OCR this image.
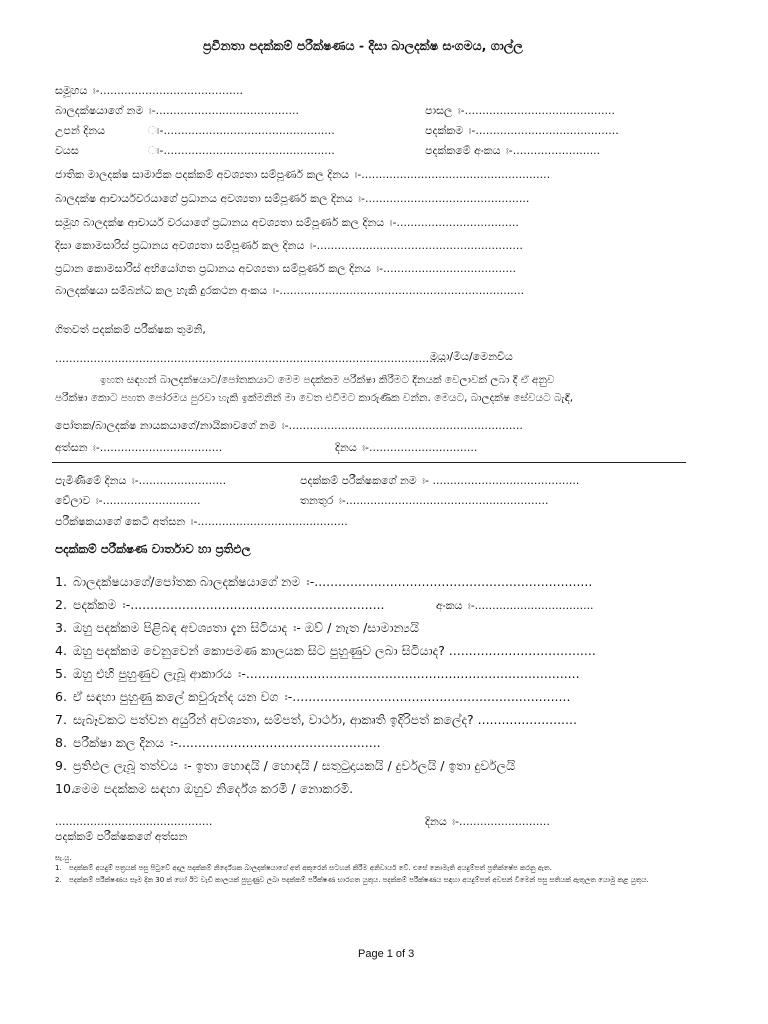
ප්‍රවීනතා පදක්කම් පරීක්ෂණය - දිසා බාලදක්ෂ සංගමය, ගාල්ල
සමූහය ඃ-.........................................
බාලදක්ෂයාගේ නම ඃ-.........................................	පාසල ඃ-...........................................
උපන් දිනය	ඃ-.................................................	පදක්කම ඃ-.........................................
වයස	ඃ-.................................................	පදක්කමේ අංකය ඃ-.........................
ජාතික මාලදක්ෂ සාමාජික පදක්කම් අවශ්‍යතා සම්පූර්ණ කල දිනය ඃ-......................................................
බාලදක්ෂ ආචාර්යවරයාගේ ප්‍රධානය අවශ්‍යතා සම්පූර්ණ කල දිනය ඃ-...............................................
සමූහ බාලදක්ෂ ආචාර්ය වරයාගේ ප්‍රධානය අවශ්‍යතා සම්පූර්ණ කල දිනය ඃ-...................................
දිසා කොමසාරිස් ප්‍රධානය අවශ්‍යතා සම්පූර්ණ කල දිනය ඃ-...........................................................
ප්‍රධාන කොමසාරිස් අභියෝගත ප්‍රධානය අවශ්‍යතා සම්පූර්ණ කල දිනය ඃ-......................................
බාලදක්ෂයා සම්බන්ධ කල හැකි දුරකථන අංකය ඃ-......................................................................
ගිතවත් පදක්කම් පරීක්ෂක තුමනි,
................................................................................................................
මයා/මිය/මෙනවිය
ඉහත සඳහන් බාලදක්ෂයාට/පෝතකයාට මෙම පදක්කම පරීක්ෂා කිරීමට දිනයක් වෙලාවක් ලබා දී ඒ අනුව
පරීක්ෂා කොට පහත පෝරමය පුරවා හැකි ඉක්මනින් මා වෙත එවීමට කාරුණික වන්න. මෙයට, බාලදක්ෂ සේවයට බැඳි,
පෝතක/බාලදක්ෂ නායකයාගේ/නායිකාවගේ නම ඃ-...................................................................
අත්සන ඃ-...................................	දිනය ඃ-...............................
පැමිණීමේ දිනය ඃ-.........................	පදක්කම් පරීක්ෂකගේ නම ඃ- ..........................................
වේලාව ඃ-............................	තනතුර ඃ-..........................................................
පරීක්ෂකයාගේ කෙටි අත්සන ඃ-...........................................
පදක්කම් පරීක්ෂණ වාර්තාව හා ප්‍රතිඵල
1. බාලදක්ෂයාගේ/පෝතක බාලදක්ෂයාගේ නම ඃ-......................................................................
2. පදක්කම ඃ-................................................................	අංකය ඃ-..................................
3. ඔහු පදක්කම පිළිබඳ අවශ්‍යතා දැන සිටියාද ඃ- ඔව් / නැත /සාමාන්‍යයි
4. ඔහු පදක්කම වෙනුවෙන් කොපමණ කාලයක සිට පුහුණුව ලබා සිටියාද? .....................................
5. ඔහු එහි පුහුණුව ලැබූ ආකාරය ඃ-....................................................................................
6. ඒ සඳහා පුහුණු කලේ කවුරුන්ද යන වග ඃ-......................................................................
7. සැබෑවකට පත්වන අයුරින් අවශ්‍යතා, සම්පත්, වාර්ථා, ආකෘති ඉදිරිපත් කලේද? .........................
8. පරීක්ෂා කල දිනය ඃ-...................................................
9. ප්‍රතිඵල ලැබූ තත්වය ඃ- ඉතා හොඳයි / හොඳයි / සතුටුදායකයි / දුර්වලයි / ඉතා දුර්වලයි
10.මෙම පදක්කම සඳහා ඔහුව නිර්දේශ කරමි / නොකරමි.
.............................................	දිනය ඃ-..........................
පදක්කම් පරීක්ෂකගේ අත්සන
සැ.යු.
1. පදක්කම් අයදුම් පත්‍රයක් පසු පිටුවේ අදාල පදක්කම් නිර්දේශක බාලදක්ෂයාගේ අත් අකුරෙන් සටහන් කිරීම අනිවාර්ය වේ. එසේ නොමැති අයදුම්පත් ප්‍රතික්ෂේප කරනු ඇත.
2. පදක්කම් පරීක්ෂණය සෑම දින 30 ක් හෝ ඊට වැඩි කාලයක් පුහුණුව ලබා පදක්කම් පරීක්ෂණ භාරගත යුතුය. පදක්කම් පරීක්ෂණය සඳහා අයදුම්පත් අවසන් වීමෙන් පසු සතියක් ඇතුලත යොමු කළ යුතුය.
Page 1 of 3
